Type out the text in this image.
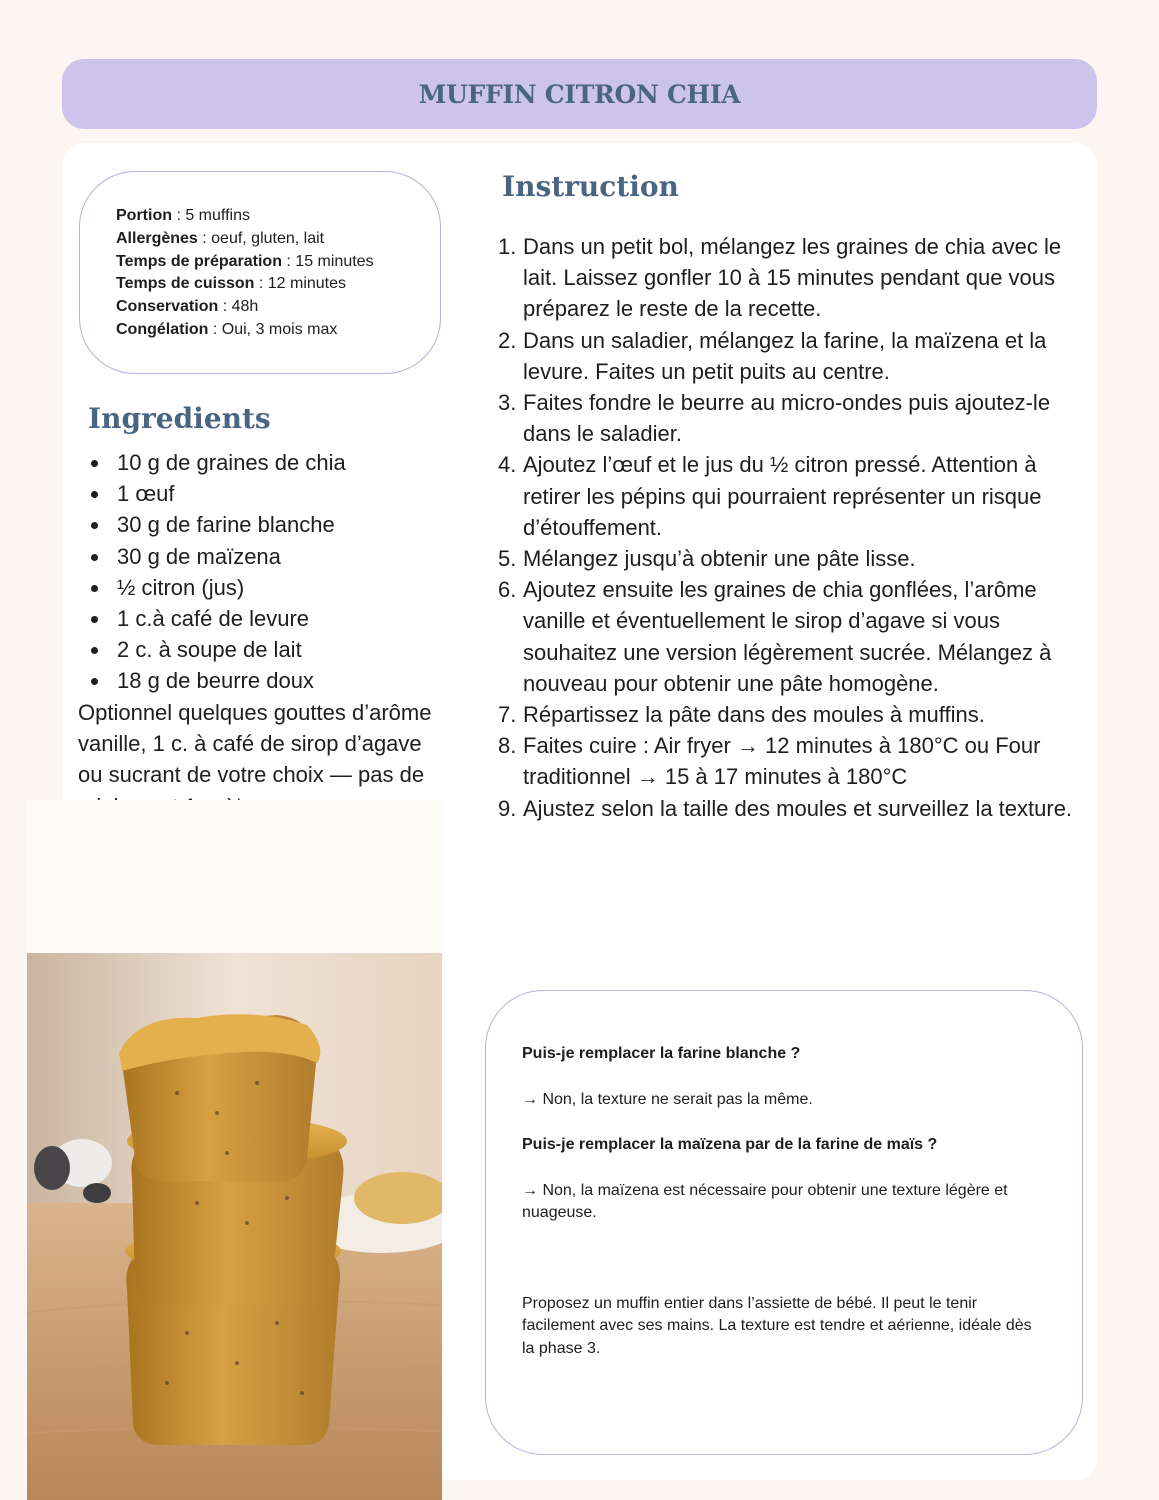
MUFFIN CITRON CHIA
Portion : 5 muffins
Allergènes : oeuf, gluten, lait
Temps de préparation : 15 minutes
Temps de cuisson : 12 minutes
Conservation : 48h
Congélation : Oui, 3 mois max
Ingredients
10 g de graines de chia
1 œuf
30 g de farine blanche
30 g de maïzena
½ citron (jus)
1 c.à café de levure
2 c. à soupe de lait
18 g de beurre doux
Optionnel quelques gouttes d’arôme vanille, 1 c. à café de sirop d’agave ou sucrant de votre choix — pas de
Instruction
1. Dans un petit bol, mélangez les graines de chia avec le lait. Laissez gonfler 10 à 15 minutes pendant que vous préparez le reste de la recette.
2. Dans un saladier, mélangez la farine, la maïzena et la levure. Faites un petit puits au centre.
3. Faites fondre le beurre au micro-ondes puis ajoutez-le dans le saladier.
4. Ajoutez l’œuf et le jus du ½ citron pressé. Attention à retirer les pépins qui pourraient représenter un risque d’étouffement.
5. Mélangez jusqu’à obtenir une pâte lisse.
6. Ajoutez ensuite les graines de chia gonflées, l’arôme vanille et éventuellement le sirop d’agave si vous souhaitez une version légèrement sucrée. Mélangez à nouveau pour obtenir une pâte homogène.
7. Répartissez la pâte dans des moules à muffins.
8. Faites cuire : Air fryer → 12 minutes à 180°C ou Four traditionnel → 15 à 17 minutes à 180°C
9. Ajustez selon la taille des moules et surveillez la texture.

Puis-je remplacer la farine blanche ?

→ Non, la texture ne serait pas la même.

Puis-je remplacer la maïzena par de la farine de maïs ?

→ Non, la maïzena est nécessaire pour obtenir une texture légère et nuageuse.

Proposez un muffin entier dans l’assiette de bébé. Il peut le tenir facilement avec ses mains. La texture est tendre et aérienne, idéale dès la phase 3.
